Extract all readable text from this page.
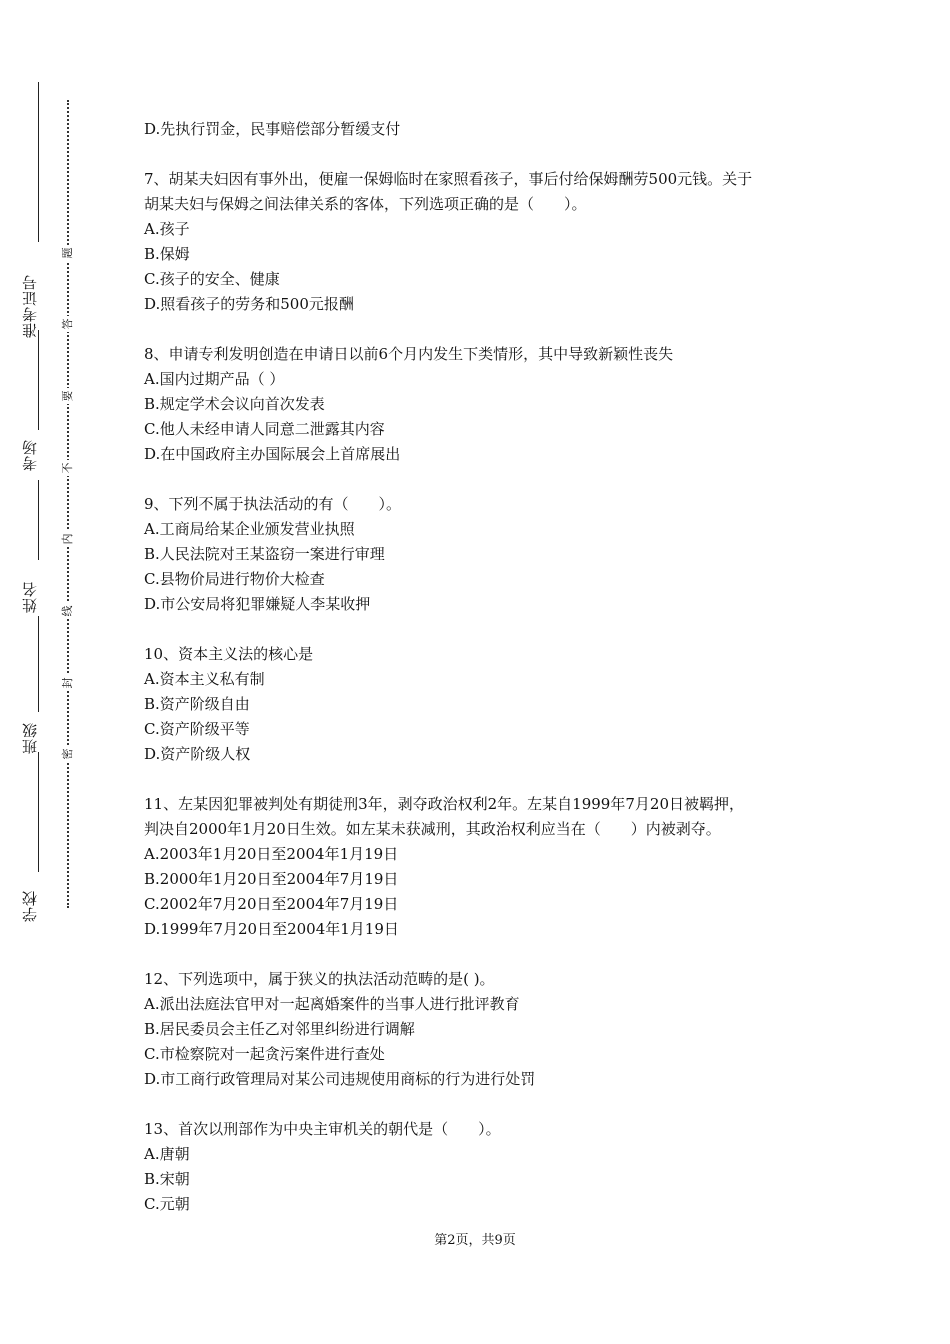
准考证号
考场
姓名
班级
学校
题
答
要
不
内
线
封
密
D.先执行罚金，民事赔偿部分暂缓支付
7、胡某夫妇因有事外出，便雇一保姆临时在家照看孩子，事后付给保姆酬劳500元钱。关于
胡某夫妇与保姆之间法律关系的客体，下列选项正确的是（　　）。
A.孩子
B.保姆
C.孩子的安全、健康
D.照看孩子的劳务和500元报酬
8、申请专利发明创造在申请日以前6个月内发生下类情形，其中导致新颖性丧失
A.国内过期产品（ ）
B.规定学术会议向首次发表
C.他人未经申请人同意二泄露其内容
D.在中国政府主办国际展会上首席展出
9、下列不属于执法活动的有（　　）。
A.工商局给某企业颁发营业执照
B.人民法院对王某盗窃一案进行审理
C.县物价局进行物价大检查
D.市公安局将犯罪嫌疑人李某收押
10、资本主义法的核心是
A.资本主义私有制
B.资产阶级自由
C.资产阶级平等
D.资产阶级人权
11、左某因犯罪被判处有期徒刑3年，剥夺政治权利2年。左某自1999年7月20日被羁押，
判决自2000年1月20日生效。如左某未获减刑，其政治权利应当在（　　）内被剥夺。
A.2003年1月20日至2004年1月19日
B.2000年1月20日至2004年7月19日
C.2002年7月20日至2004年7月19日
D.1999年7月20日至2004年1月19日
12、下列选项中，属于狭义的执法活动范畴的是( )。
A.派出法庭法官甲对一起离婚案件的当事人进行批评教育
B.居民委员会主任乙对邻里纠纷进行调解
C.市检察院对一起贪污案件进行查处
D.市工商行政管理局对某公司违规使用商标的行为进行处罚
13、首次以刑部作为中央主审机关的朝代是（　　）。
A.唐朝
B.宋朝
C.元朝
第2页，共9页
